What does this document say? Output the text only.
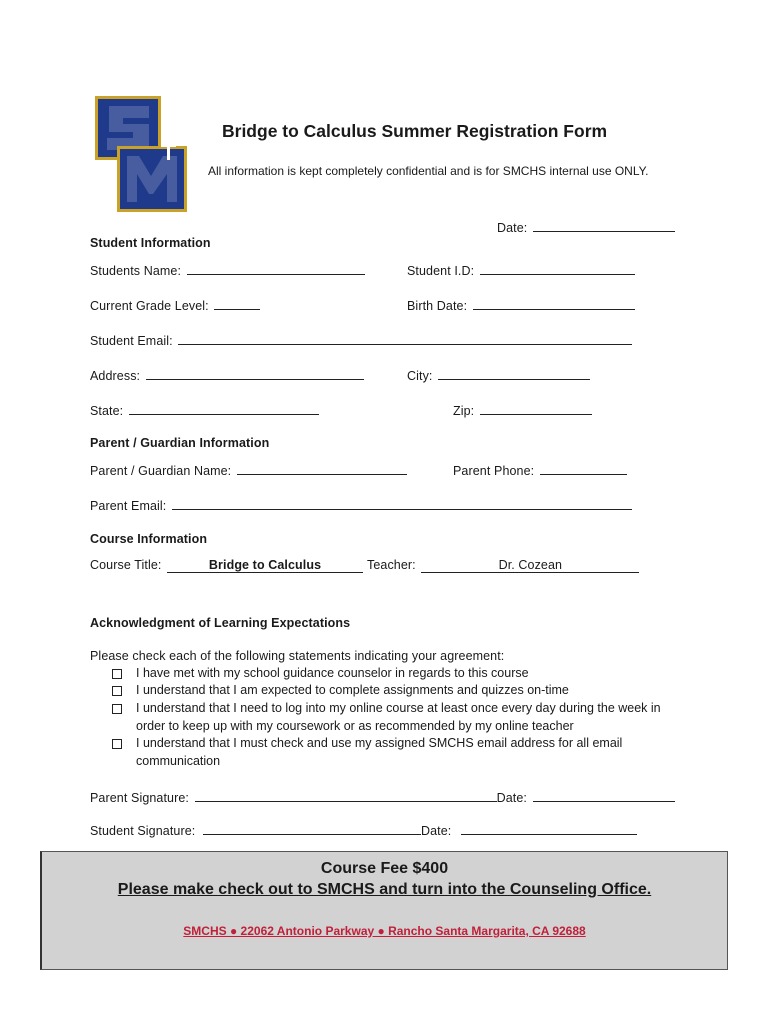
Bridge to Calculus Summer Registration Form
All information is kept completely confidential and is for SMCHS internal use ONLY.
Date:
Student Information
Students Name:	Student I.D:
Current Grade Level:	Birth Date:
Student Email:
Address:	City:
State:	Zip:
Parent / Guardian Information
Parent / Guardian Name:	Parent Phone:
Parent Email:
Course Information
Course Title:	Bridge to Calculus	Teacher:	Dr. Cozean
Acknowledgment of Learning Expectations
Please check each of the following statements indicating your agreement:
I have met with my school guidance counselor in regards to this course
I understand that I am expected to complete assignments and quizzes on-time
I understand that I need to log into my online course at least once every day during the week in
order to keep up with my coursework or as recommended by my online teacher
I understand that I must check and use my assigned SMCHS email address for all email
communication
Parent Signature:	Date:
Student Signature:	Date:
Course Fee $400
Please make check out to SMCHS and turn into the Counseling Office.
SMCHS ● 22062 Antonio Parkway ● Rancho Santa Margarita, CA 92688
